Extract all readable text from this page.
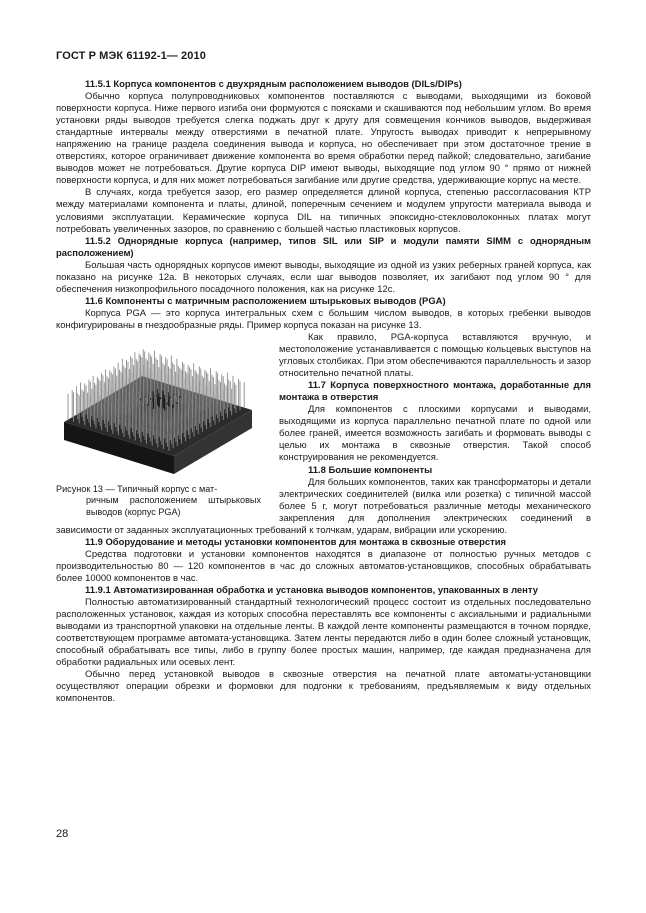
ГОСТ Р МЭК 61192-1— 2010

11.5.1 Корпуса компонентов с двухрядным расположением выводов (DILs/DIPs)

Обычно корпуса полупроводниковых компонентов поставляются с выводами, выходящими из боковой поверхности корпуса. Ниже первого изгиба они формуются с поясками и скашиваются под небольшим углом. Во время установки ряды выводов требуется слегка поджать друг к другу для совмещения кончиков выводов, выдерживая стандартные интервалы между отверстиями в печатной плате. Упругость выводах приводит к непрерывному напряжению на границе раздела соединения вывода и корпуса, но обеспечивает при этом достаточное трение в отверстиях, которое ограничивает движение компонента во время обработки перед пайкой; следовательно, загибание выводов может не потребоваться. Другие корпуса DIP имеют выводы, выходящие под углом 90 ° прямо от нижней поверхности корпуса, и для них может потребоваться загибание или другие средства, удерживающие корпус на месте.

В случаях, когда требуется зазор, его размер определяется длиной корпуса, степенью рассогласования КТР между материалами компонента и платы, длиной, поперечным сечением и модулем упругости материала вывода и условиями эксплуатации. Керамические корпуса DIL на типичных эпоксидно-стекловолоконных платах могут потребовать увеличенных зазоров, по сравнению с большей частью пластиковых корпусов.

11.5.2 Однорядные корпуса (например, типов SIL или SIP и модули памяти SIMM с однорядным расположением)

Большая часть однорядных корпусов имеют выводы, выходящие из одной из узких реберных граней корпуса, как показано на рисунке 12а. В некоторых случаях, если шаг выводов позволяет, их загибают под углом 90 ° для обеспечения низкопрофильного посадочного положения, как на рисунке 12с.

11.6 Компоненты с матричным расположением штырьковых выводов (PGA)

Корпуса PGA — это корпуса интегральных схем с большим числом выводов, в которых гребенки выводов конфигурированы в гнездообразные ряды. Пример корпуса показан на рисунке 13.

Рисунок 13 — Типичный корпус с мат-
ричным расположением штырьковых выводов (корпус PGA)

Как правило, PGA-корпуса вставляются вручную, и местоположение устанавливается с помощью кольцевых выступов на угловых столбиках. При этом обеспечиваются параллельность и зазор относительно печатной платы.

11.7 Корпуса поверхностного монтажа, доработанные для монтажа в отверстия

Для компонентов с плоскими корпусами и выводами, выходящими из корпуса параллельно печатной плате по одной или более граней, имеется возможность загибать и формовать выводы с целью их монтажа в сквозные отверстия. Такой способ конструирования не рекомендуется.

11.8 Большие компоненты

Для больших компонентов, таких как трансформаторы и детали электрических соединителей (вилка или розетка) с типичной массой более 5 г, могут потребоваться различные методы механического закрепления для дополнения электрических соединений в зависимости от заданных эксплуатационных требований к толчкам, ударам, вибрации или ускорению.

11.9 Оборудование и методы установки компонентов для монтажа в сквозные отверстия

Средства подготовки и установки компонентов находятся в диапазоне от полностью ручных методов с производительностью 80 — 120 компонентов в час до сложных автоматов-установщиков, способных обрабатывать более 10000 компонентов в час.

11.9.1 Автоматизированная обработка и установка выводов компонентов, упакованных в ленту

Полностью автоматизированный стандартный технологический процесс состоит из отдельных последовательно расположенных установок, каждая из которых способна переставлять все компоненты с аксиальными и радиальными выводами из транспортной упаковки на отдельные ленты. В каждой ленте компоненты размещаются в точном порядке, соответствующем программе автомата-установщика. Затем ленты передаются либо в один более сложный установщик, способный обрабатывать все типы, либо в группу более простых машин, например, где каждая предназначена для обработки радиальных или осевых лент.

Обычно перед установкой выводов в сквозные отверстия на печатной плате автоматы-установщики осуществляют операции обрезки и формовки для подгонки к требованиям, предъявляемым к виду отдельных компонентов.

28
